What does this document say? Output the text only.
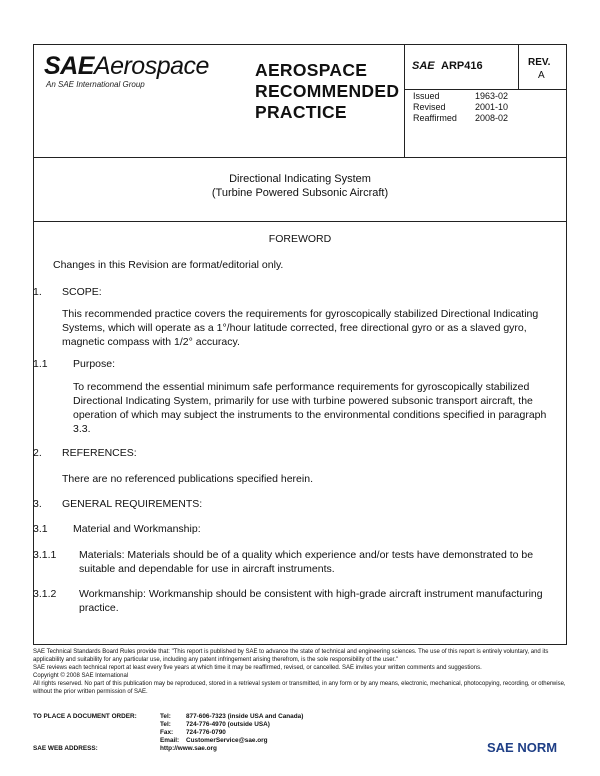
SAEAerospace
An SAE International Group
AEROSPACE
RECOMMENDED
PRACTICE
SAE ARP416	REV.
A
Issued	1963-02
Revised	2001-10
Reaffirmed 2008-02
Directional Indicating System
(Turbine Powered Subsonic Aircraft)
FOREWORD
Changes in this Revision are format/editorial only.
1. SCOPE:
This recommended practice covers the requirements for gyroscopically stabilized Directional Indicating Systems, which will operate as a 1°/hour latitude corrected, free directional gyro or as a slaved gyro, magnetic compass with 1/2° accuracy.
1.1 Purpose:
To recommend the essential minimum safe performance requirements for gyroscopically stabilized Directional Indicating System, primarily for use with turbine powered subsonic transport aircraft, the operation of which may subject the instruments to the environmental conditions specified in paragraph 3.3.
2. REFERENCES:
There are no referenced publications specified herein.
3. GENERAL REQUIREMENTS:
3.1 Material and Workmanship:
3.1.1 Materials: Materials should be of a quality which experience and/or tests have demonstrated to be suitable and dependable for use in aircraft instruments.
3.1.2 Workmanship: Workmanship should be consistent with high-grade aircraft instrument manufacturing practice.

SAE Technical Standards Board Rules provide that: "This report is published by SAE to advance the state of technical and engineering sciences. The use of this report is entirely voluntary, and its applicability and suitability for any particular use, including any patent infringement arising therefrom, is the sole responsibility of the user."

SAE reviews each technical report at least every five years at which time it may be reaffirmed, revised, or cancelled. SAE invites your written comments and suggestions.

Copyright © 2008 SAE International

All rights reserved. No part of this publication may be reproduced, stored in a retrieval system or transmitted, in any form or by any means, electronic, mechanical, photocopying, recording, or otherwise, without the prior written permission of SAE.

TO PLACE A DOCUMENT ORDER:	Tel: 877-606-7323 (inside USA and Canada)
Tel: 724-776-4970 (outside USA)
Fax: 724-776-0790
Email: CustomerService@sae.org
SAE WEB ADDRESS:	http://www.sae.org	SAE NORM
